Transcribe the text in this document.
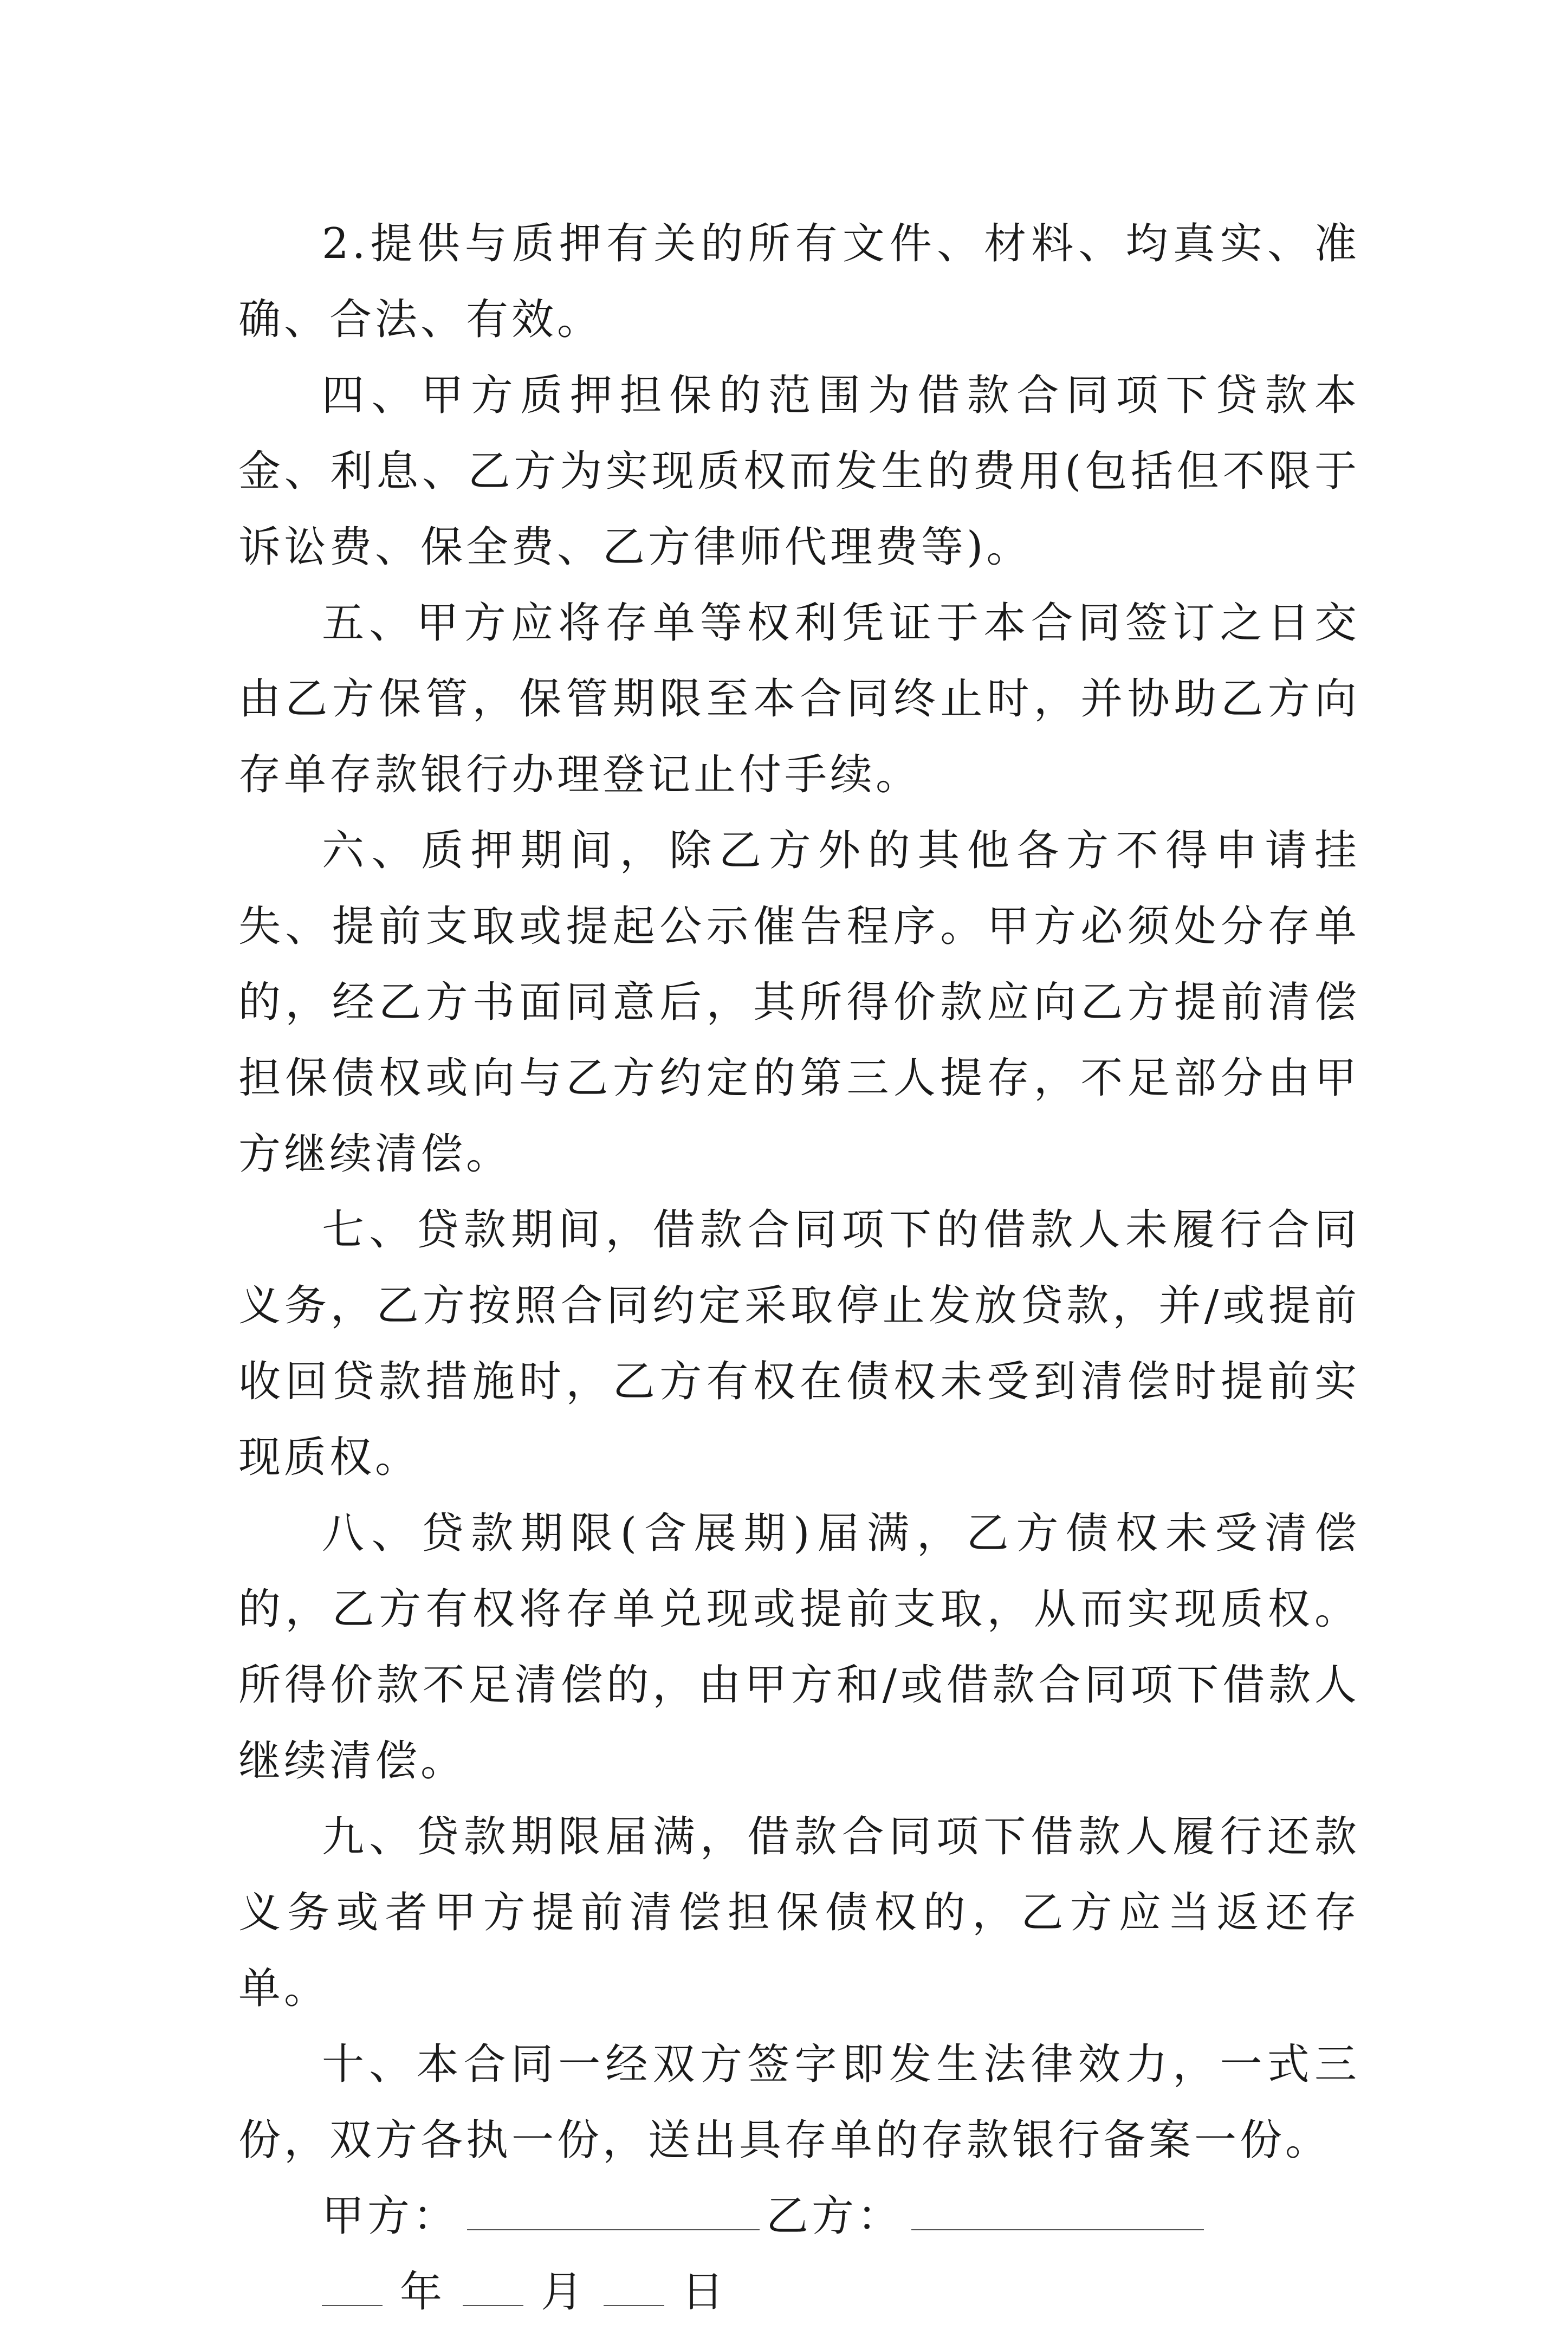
2.提供与质押有关的所有文件、材料、均真实、准确、合法、有效。

四、甲方质押担保的范围为借款合同项下贷款本金、利息、乙方为实现质权而发生的费用(包括但不限于诉讼费、保全费、乙方律师代理费等)。

五、甲方应将存单等权利凭证于本合同签订之日交由乙方保管，保管期限至本合同终止时，并协助乙方向存单存款银行办理登记止付手续。

六、质押期间，除乙方外的其他各方不得申请挂失、提前支取或提起公示催告程序。甲方必须处分存单的，经乙方书面同意后，其所得价款应向乙方提前清偿担保债权或向与乙方约定的第三人提存，不足部分由甲方继续清偿。

七、贷款期间，借款合同项下的借款人未履行合同义务，乙方按照合同约定采取停止发放贷款，并/或提前收回贷款措施时，乙方有权在债权未受到清偿时提前实现质权。

八、贷款期限(含展期)届满，乙方债权未受清偿的，乙方有权将存单兑现或提前支取，从而实现质权。所得价款不足清偿的，由甲方和/或借款合同项下借款人继续清偿。

九、贷款期限届满，借款合同项下借款人履行还款义务或者甲方提前清偿担保债权的，乙方应当返还存单。

十、本合同一经双方签字即发生法律效力，一式三份，双方各执一份，送出具存单的存款银行备案一份。

甲方：	乙方：

年 月 日
